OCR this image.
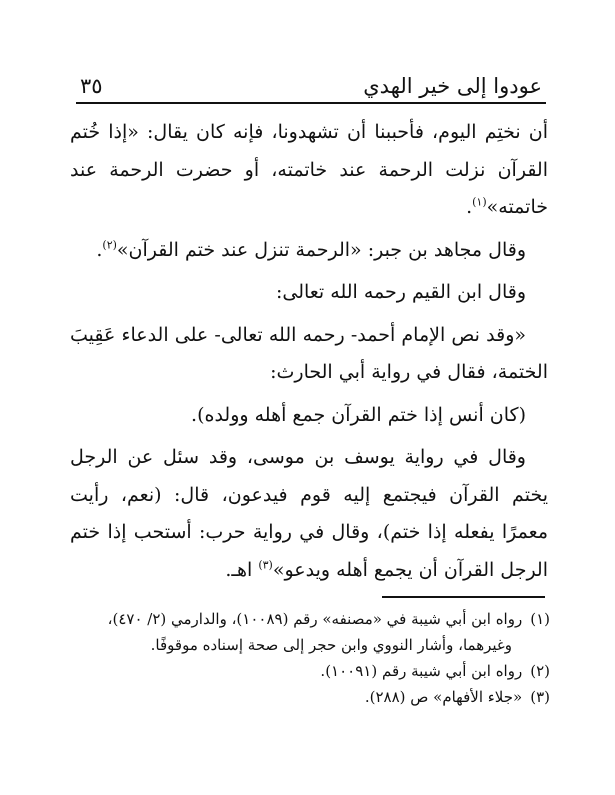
عودوا إلى خير الهدي
٣٥

أن نختِم اليوم، فأحببنا أن تشهدونا، فإنه كان يقال: «إذا خُتم القرآن نزلت الرحمة عند خاتمته، أو حضرت الرحمة عند خاتمته»$^{(١)}$.

وقال مجاهد بن جبر: «الرحمة تنزل عند ختم القرآن»$^{(٢)}$.

وقال ابن القيم رحمه الله تعالى:

«وقد نص الإمام أحمد- رحمه الله تعالى- على الدعاء عَقِيبَ الختمة، فقال في رواية أبي الحارث:

(كان أنس إذا ختم القرآن جمع أهله وولده).

وقال في رواية يوسف بن موسى، وقد سئل عن الرجل يختم القرآن فيجتمع إليه قوم فيدعون، قال: (نعم، رأيت معمرًا يفعله إذا ختم)، وقال في رواية حرب: أستحب إذا ختم الرجل القرآن أن يجمع أهله ويدعو»$^{(٣)}$ اهـ.

(١)رواه ابن أبي شيبة في «مصنفه» رقم (١٠٠٨٩)، والدارمي (٢/ ٤٧٠)،

وغيرهما، وأشار النووي وابن حجر إلى صحة إسناده موقوفًا.

(٢)رواه ابن أبي شيبة رقم (١٠٠٩١).

(٣)«جلاء الأفهام» ص (٢٨٨).
